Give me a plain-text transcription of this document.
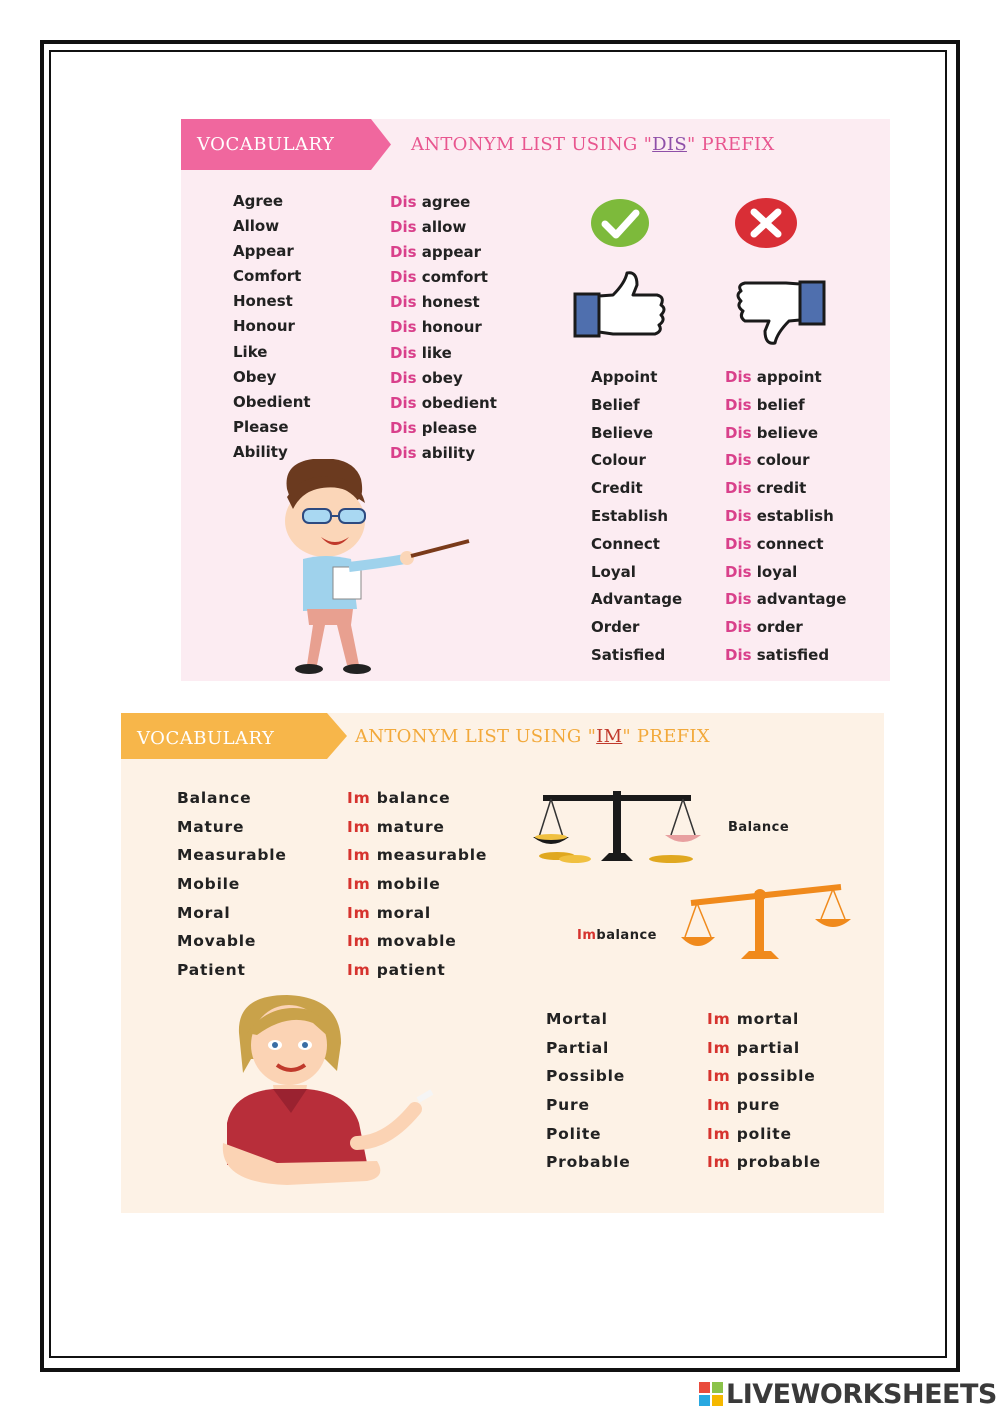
VOCABULARY	ANTONYM LIST USING " DIS " PREFIX
Agree
Allow
Appear
Comfort
Honest
Honour
Like
Obey
Obedient
Please
Ability
Dis agree
Dis allow
Dis appear
Dis comfort
Dis honest
Dis honour
Dis like
Dis obey
Dis obedient
Dis please
Dis ability
Appoint
Belief
Believe
Colour
Credit
Establish
Connect
Loyal
Advantage
Order
Satisfied
Dis appoint
Dis belief
Dis believe
Dis colour
Dis credit
Dis establish
Dis connect
Dis loyal
Dis advantage
Dis order
Dis satisfied
VOCABULARY	ANTONYM LIST USING " IM " PREFIX
Balance
Mature
Measurable
Mobile
Moral
Movable
Patient
Im balance
Im mature
Im measurable
Im mobile
Im moral
Im movable
Im patient
Mortal
Partial
Possible
Pure
Polite
Probable
Im mortal
Im partial
Im possible
Im pure
Im polite
Im probable
Balance
Imbalance
LIVEWORKSHEETS
